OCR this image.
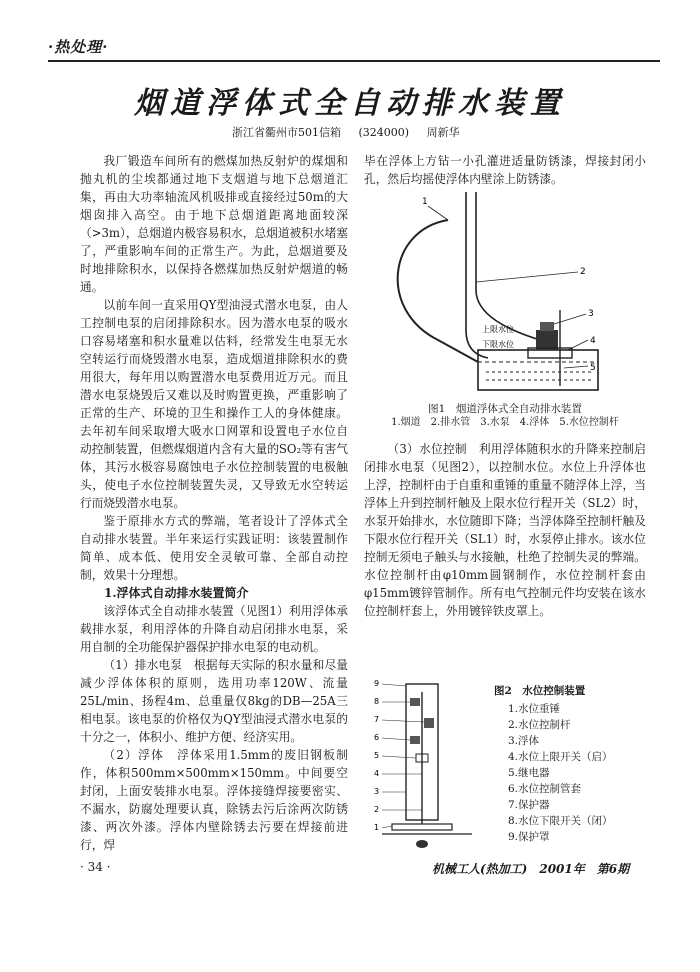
·热处理·
烟道浮体式全自动排水装置
浙江省衢州市501信箱 (324000) 周新华

我厂锻造车间所有的燃煤加热反射炉的煤烟和抛丸机的尘埃都通过地下支烟道与地下总烟道汇集，再由大功率轴流风机吸排或直接经过50m的大烟囱排入高空。由于地下总烟道距离地面较深（>3m），总烟道内极容易积水，总烟道被积水堵塞了，严重影响车间的正常生产。为此，总烟道要及时地排除积水，以保持各燃煤加热反射炉烟道的畅通。

以前车间一直采用QY型油浸式潜水电泵，由人工控制电泵的启闭排除积水。因为潜水电泵的吸水口容易堵塞和积水量难以估料，经常发生电泵无水空转运行而烧毁潜水电泵，造成烟道排除积水的费用很大，每年用以购置潜水电泵费用近万元。而且潜水电泵烧毁后又难以及时购置更换，严重影响了正常的生产、环境的卫生和操作工人的身体健康。去年初车间采取增大吸水口网罩和设置电子水位自动控制装置，但燃煤烟道内含有大量的SO₂等有害气体，其污水极容易腐蚀电子水位控制装置的电极触头，使电子水位控制装置失灵，又导致无水空转运行而烧毁潜水电泵。

鉴于原排水方式的弊端，笔者设计了浮体式全自动排水装置。半年来运行实践证明：该装置制作简单、成本低、使用安全灵敏可靠、全部自动控制，效果十分理想。

1.浮体式自动排水装置简介

该浮体式全自动排水装置（见图1）利用浮体承载排水泵，利用浮体的升降自动启闭排水电泵，采用自制的全功能保护器保护排水电泵的电动机。

（1）排水电泵　根据每天实际的积水量和尽量减少浮体体积的原则，选用功率120W、流量25L/min、扬程4m、总重量仅8kg的DB—25A三相电泵。该电泵的价格仅为QY型油浸式潜水电泵的十分之一，体积小、维护方便、经济实用。

（2）浮体　浮体采用1.5mm的废旧钢板制作，体积500mm×500mm×150mm。中间要空封闭，上面安装排水电泵。浮体接缝焊接要密实、不漏水，防腐处理要认真，除锈去污后涂两次防锈漆、两次外漆。浮体内壁除锈去污要在焊接前进行，焊

毕在浮体上方钻一小孔灌进适量防锈漆，焊接封闭小孔，然后均摇使浮体内壁涂上防锈漆。

上限水位
下限水位
1
2
3
4
5
图1　烟道浮体式全自动排水装置
1.烟道　2.排水管　3.水泵　4.浮体　5.水位控制杆

（3）水位控制　利用浮体随积水的升降来控制启闭排水电泵（见图2），以控制水位。水位上升浮体也上浮，控制杆由于自重和重锤的重量不随浮体上浮，当浮体上升到控制杆触及上限水位行程开关（SL2）时，水泵开始排水，水位随即下降；当浮体降至控制杆触及下限水位行程开关（SL1）时，水泵停止排水。该水位控制无须电子触头与水接触，杜绝了控制失灵的弊端。水位控制杆由φ10mm圆钢制作，水位控制杆套由φ15mm镀锌管制作。所有电气控制元件均安装在该水位控制杆套上，外用镀锌铁皮罩上。

9
8
7
6
5
4
3
2
1
图2　水位控制装置
1.水位重锤
2.水位控制杆
3.浮体
4.水位上限开关（启）
5.继电器
6.水位控制管套
7.保护器
8.水位下限开关（闭）
9.保护罩
· 34 ·	机械工人(热加工)　2001年　第6期
